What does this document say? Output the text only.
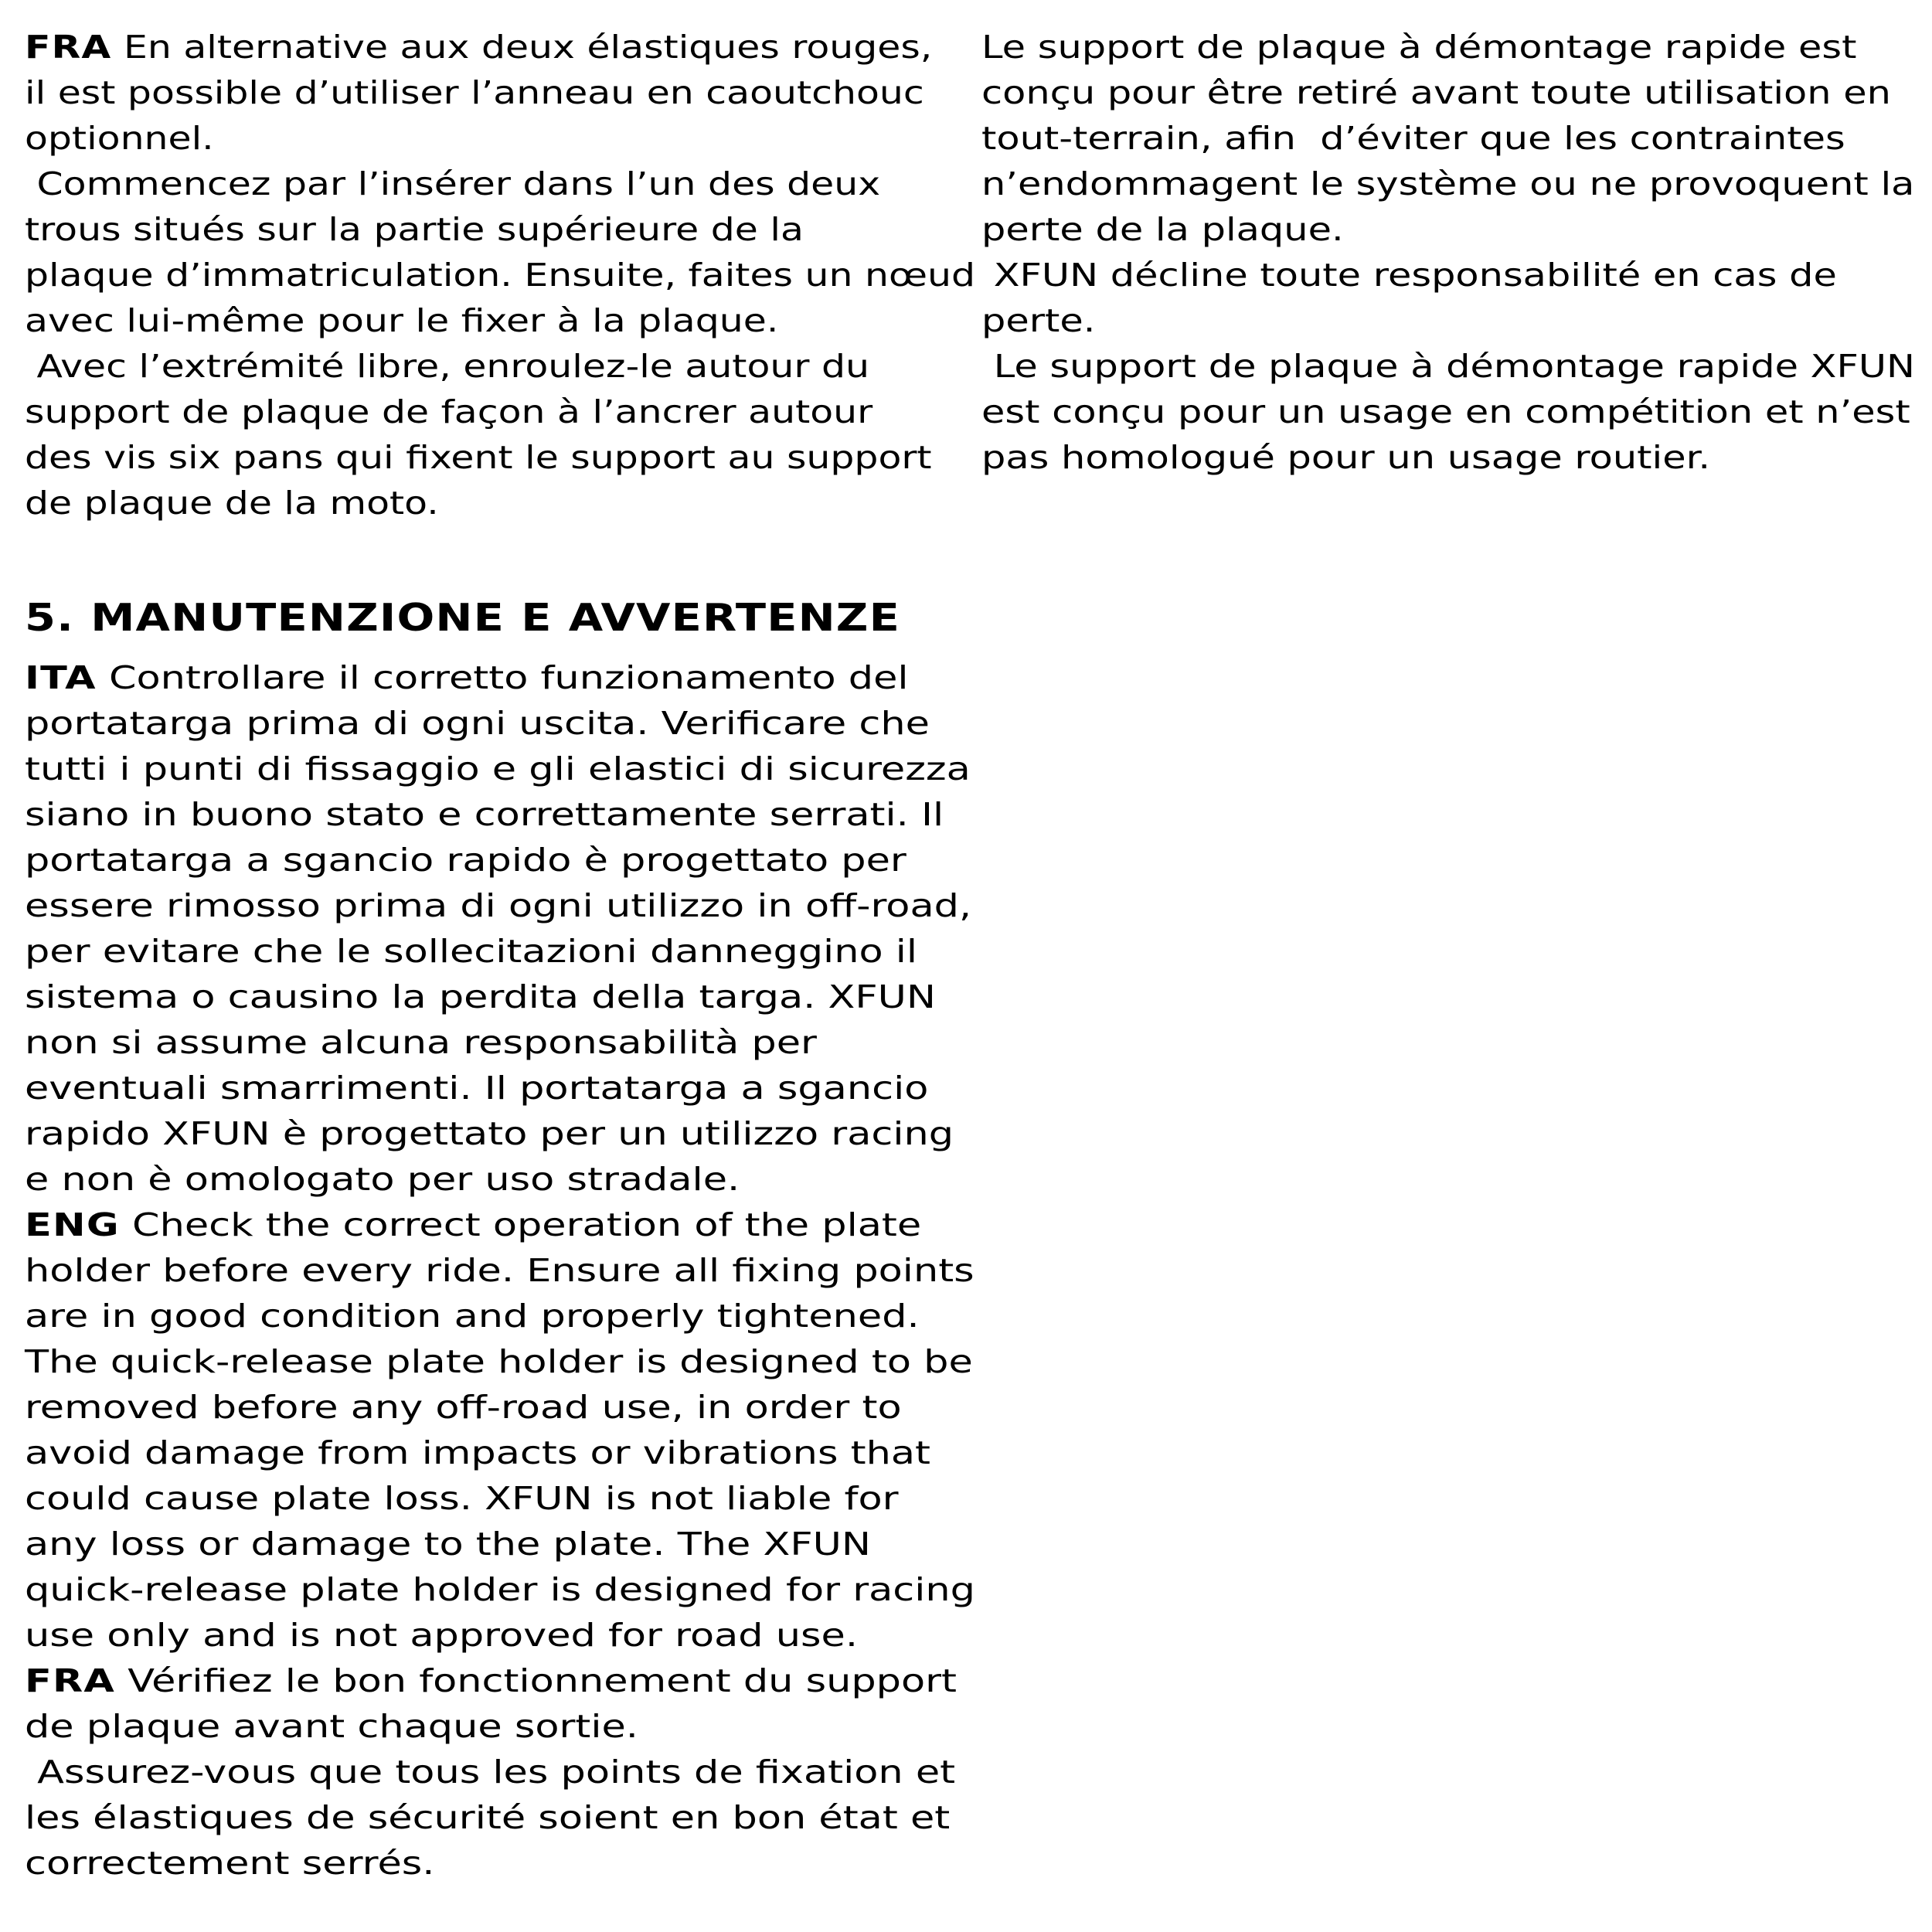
FRA En alternative aux deux élastiques rouges,
il est possible d’utiliser l’anneau en caoutchouc
optionnel.
Commencez par l’insérer dans l’un des deux
trous situés sur la partie supérieure de la
plaque d’immatriculation. Ensuite, faites un nœud
avec lui-même pour le fixer à la plaque.
Avec l’extrémité libre, enroulez-le autour du
support de plaque de façon à l’ancrer autour
des vis six pans qui fixent le support au support
de plaque de la moto.
Le support de plaque à démontage rapide est
conçu pour être retiré avant toute utilisation en
tout-terrain, afin  d’éviter que les contraintes
n’endommagent le système ou ne provoquent la
perte de la plaque.
XFUN décline toute responsabilité en cas de
perte.
Le support de plaque à démontage rapide XFUN
est conçu pour un usage en compétition et n’est
pas homologué pour un usage routier.
5. MANUTENZIONE E AVVERTENZE
ITA Controllare il corretto funzionamento del
portatarga prima di ogni uscita. Verificare che
tutti i punti di fissaggio e gli elastici di sicurezza
siano in buono stato e correttamente serrati. Il
portatarga a sgancio rapido è progettato per
essere rimosso prima di ogni utilizzo in off-road,
per evitare che le sollecitazioni danneggino il
sistema o causino la perdita della targa. XFUN
non si assume alcuna responsabilità per
eventuali smarrimenti. Il portatarga a sgancio
rapido XFUN è progettato per un utilizzo racing
e non è omologato per uso stradale.
ENG Check the correct operation of the plate
holder before every ride. Ensure all fixing points
are in good condition and properly tightened.
The quick-release plate holder is designed to be
removed before any off-road use, in order to
avoid damage from impacts or vibrations that
could cause plate loss. XFUN is not liable for
any loss or damage to the plate. The XFUN
quick-release plate holder is designed for racing
use only and is not approved for road use.
FRA Vérifiez le bon fonctionnement du support
de plaque avant chaque sortie.
Assurez-vous que tous les points de fixation et
les élastiques de sécurité soient en bon état et
correctement serrés.
